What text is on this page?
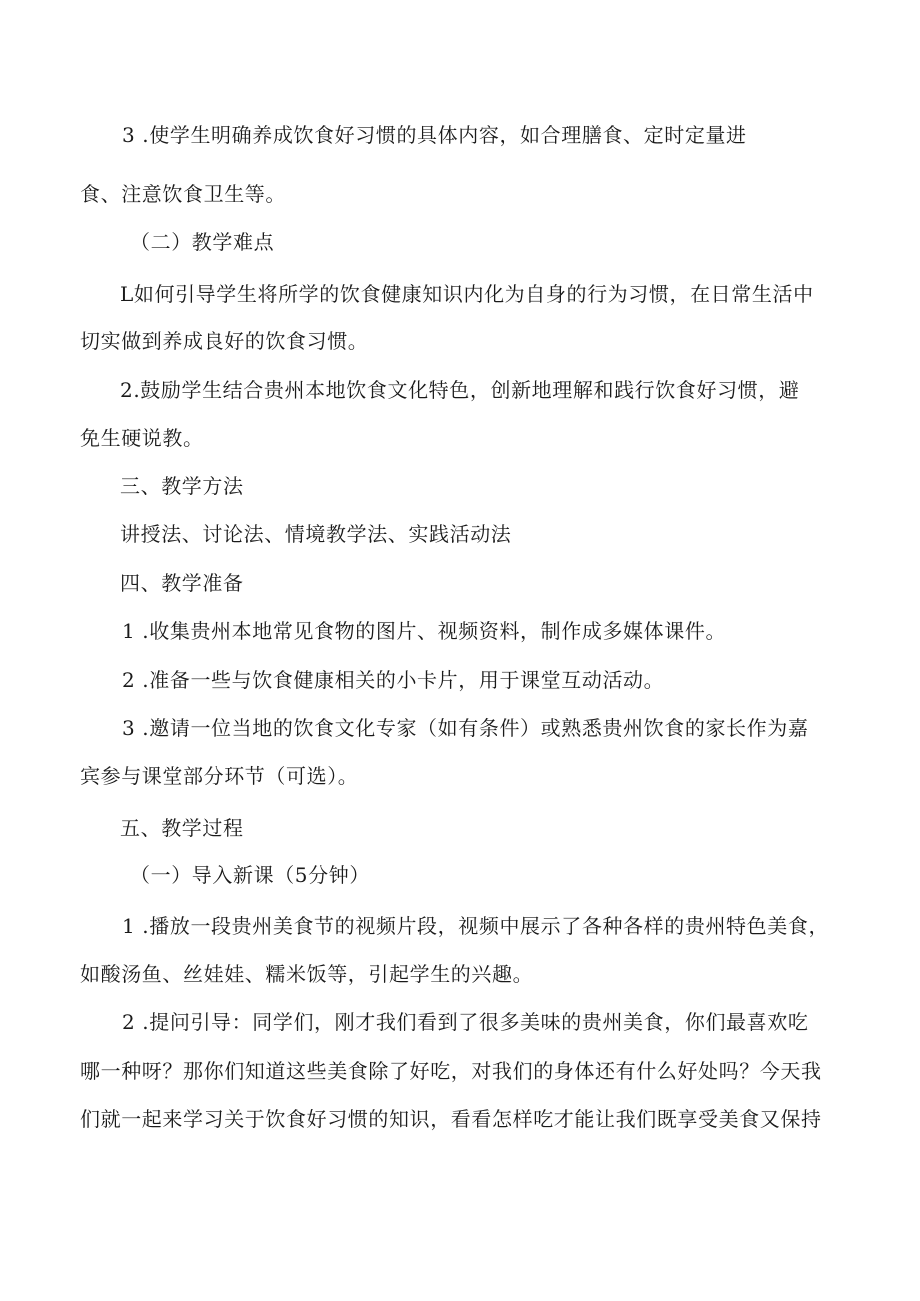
3 .使学生明确养成饮食好习惯的具体内容，如合理膳食、定时定量进
食、注意饮食卫生等。
（二）教学难点
L如何引导学生将所学的饮食健康知识内化为自身的行为习惯，在日常生活中
切实做到养成良好的饮食习惯。
2.鼓励学生结合贵州本地饮食文化特色，创新地理解和践行饮食好习惯，避
免生硬说教。
三、教学方法
讲授法、讨论法、情境教学法、实践活动法
四、教学准备
1 .收集贵州本地常见食物的图片、视频资料，制作成多媒体课件。
2 .准备一些与饮食健康相关的小卡片，用于课堂互动活动。
3 .邀请一位当地的饮食文化专家（如有条件）或熟悉贵州饮食的家长作为嘉
宾参与课堂部分环节（可选）。
五、教学过程
（一）导入新课（5分钟）
1 .播放一段贵州美食节的视频片段，视频中展示了各种各样的贵州特色美食，
如酸汤鱼、丝娃娃、糯米饭等，引起学生的兴趣。
2 .提问引导：同学们，刚才我们看到了很多美味的贵州美食，你们最喜欢吃
哪一种呀？那你们知道这些美食除了好吃，对我们的身体还有什么好处吗？今天我
们就一起来学习关于饮食好习惯的知识，看看怎样吃才能让我们既享受美食又保持
